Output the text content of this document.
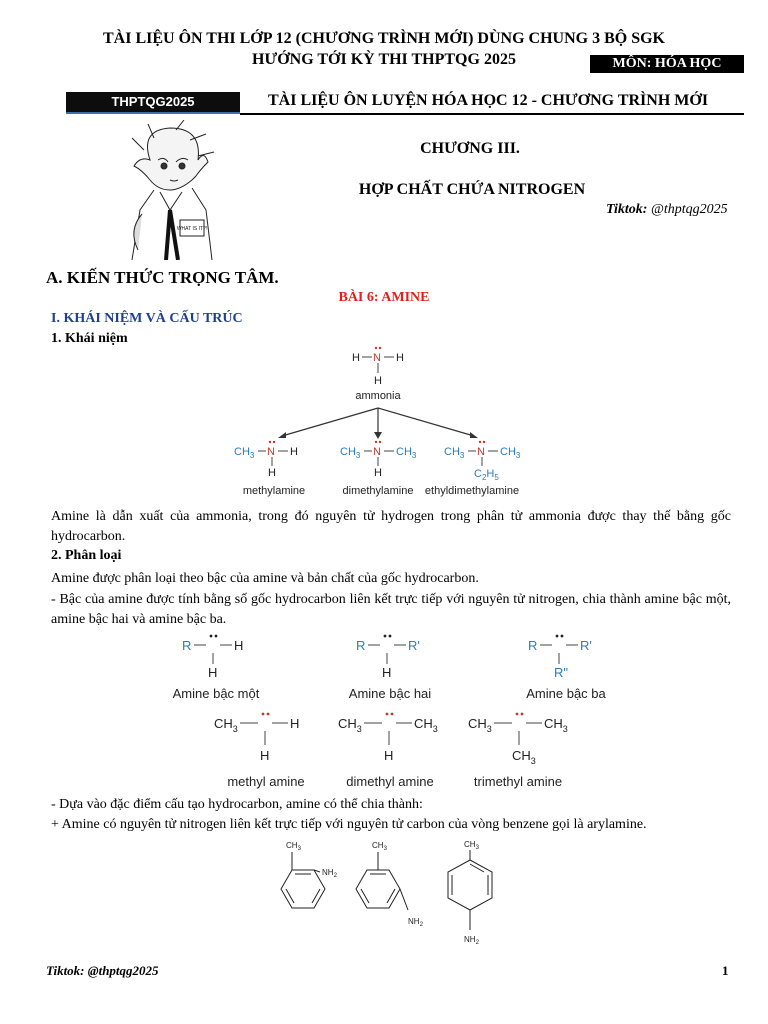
TÀI LIỆU ÔN THI LỚP 12 (CHƯƠNG TRÌNH MỚI) DÙNG CHUNG 3 BỘ SGK
HƯỚNG TỚI KỲ THI THPTQG 2025	MÔN: HÓA HỌC
THPTQG2025	TÀI LIỆU ÔN LUYỆN HÓA HỌC 12 - CHƯƠNG TRÌNH MỚI
WHAT IS IT?!
CHƯƠNG III.
HỢP CHẤT CHỨA NITROGEN
Tiktok: @thptqg2025
A. KIẾN THỨC TRỌNG TÂM.
BÀI 6: AMINE
I. KHÁI NIỆM VÀ CẤU TRÚC
1. Khái niệm
H N H
H
ammonia
$CH_3$ N H
H
methylamine
$CH_3$ N $CH_3$
H
dimethylamine
$CH_3$ N $CH_3$
$C_2H_5$
ethyldimethylamine
Amine là dẫn xuất của ammonia, trong đó nguyên tử hydrogen trong phân tử ammonia được thay thế bằng gốc hydrocarbon.
2. Phân loại
Amine được phân loại theo bậc của amine và bản chất của gốc hydrocarbon.
- Bậc của amine được tính bằng số gốc hydrocarbon liên kết trực tiếp với nguyên tử nitrogen, chia thành amine bậc một, amine bậc hai và amine bậc ba.
R	H
H
Amine bậc một
R	R'
H
Amine bậc hai
R	R'
R"
Amine bậc ba
$CH_3$	H
H
methyl amine
$CH_3$	$CH_3$
H
dimethyl amine
$CH_3$	$CH_3$
$CH_3$
trimethyl amine
- Dựa vào đặc điểm cấu tạo hydrocarbon, amine có thể chia thành:
+ Amine có nguyên tử nitrogen liên kết trực tiếp với nguyên tử carbon của vòng benzene gọi là arylamine.
$CH_3$
$NH_2$
$CH_3$
$NH_2$
$CH_3$
$NH_2$
Tiktok: @thptqg2025	1
